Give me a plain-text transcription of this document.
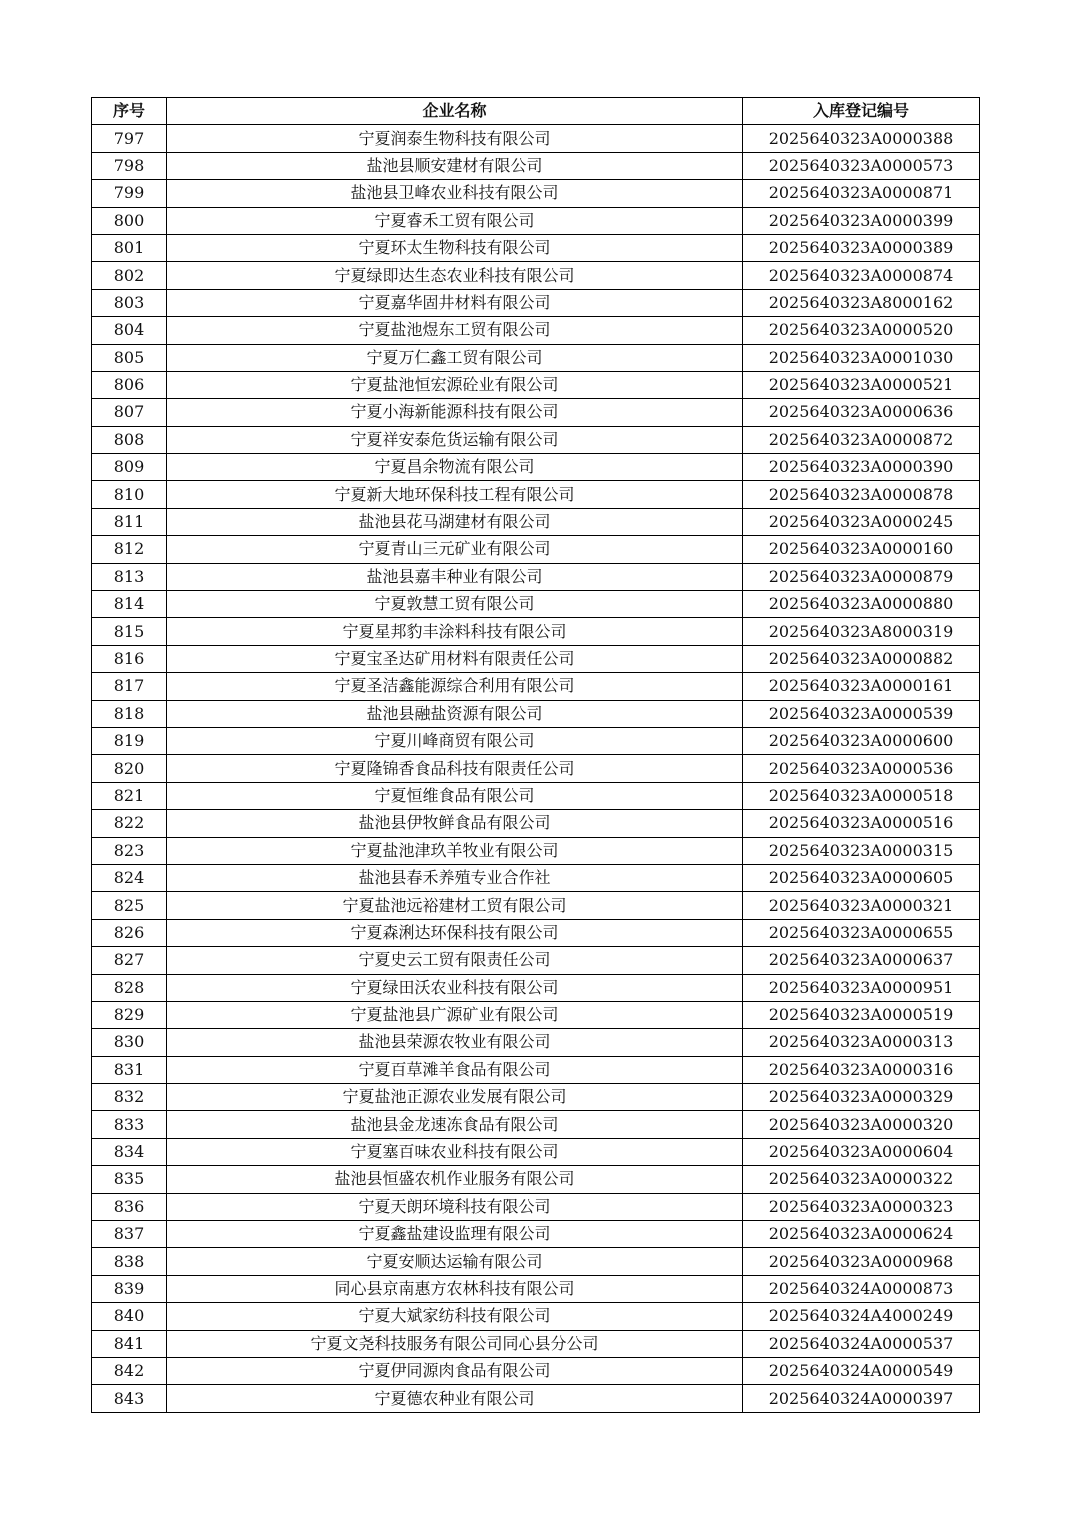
序号	企业名称	入库登记编号
797	宁夏润泰生物科技有限公司	2025640323A0000388
798	盐池县顺安建材有限公司	2025640323A0000573
799	盐池县卫峰农业科技有限公司	2025640323A0000871
800	宁夏睿禾工贸有限公司	2025640323A0000399
801	宁夏环太生物科技有限公司	2025640323A0000389
802	宁夏绿即达生态农业科技有限公司	2025640323A0000874
803	宁夏嘉华固井材料有限公司	2025640323A8000162
804	宁夏盐池煜东工贸有限公司	2025640323A0000520
805	宁夏万仁鑫工贸有限公司	2025640323A0001030
806	宁夏盐池恒宏源砼业有限公司	2025640323A0000521
807	宁夏小海新能源科技有限公司	2025640323A0000636
808	宁夏祥安泰危货运输有限公司	2025640323A0000872
809	宁夏昌余物流有限公司	2025640323A0000390
810	宁夏新大地环保科技工程有限公司	2025640323A0000878
811	盐池县花马湖建材有限公司	2025640323A0000245
812	宁夏青山三元矿业有限公司	2025640323A0000160
813	盐池县嘉丰种业有限公司	2025640323A0000879
814	宁夏敦慧工贸有限公司	2025640323A0000880
815	宁夏星邦豹丰涂料科技有限公司	2025640323A8000319
816	宁夏宝圣达矿用材料有限责任公司	2025640323A0000882
817	宁夏圣洁鑫能源综合利用有限公司	2025640323A0000161
818	盐池县融盐资源有限公司	2025640323A0000539
819	宁夏川峰商贸有限公司	2025640323A0000600
820	宁夏隆锦香食品科技有限责任公司	2025640323A0000536
821	宁夏恒维食品有限公司	2025640323A0000518
822	盐池县伊牧鲜食品有限公司	2025640323A0000516
823	宁夏盐池津玖羊牧业有限公司	2025640323A0000315
824	盐池县春禾养殖专业合作社	2025640323A0000605
825	宁夏盐池远裕建材工贸有限公司	2025640323A0000321
826	宁夏森浰达环保科技有限公司	2025640323A0000655
827	宁夏史云工贸有限责任公司	2025640323A0000637
828	宁夏绿田沃农业科技有限公司	2025640323A0000951
829	宁夏盐池县广源矿业有限公司	2025640323A0000519
830	盐池县荣源农牧业有限公司	2025640323A0000313
831	宁夏百草滩羊食品有限公司	2025640323A0000316
832	宁夏盐池正源农业发展有限公司	2025640323A0000329
833	盐池县金龙速冻食品有限公司	2025640323A0000320
834	宁夏塞百味农业科技有限公司	2025640323A0000604
835	盐池县恒盛农机作业服务有限公司	2025640323A0000322
836	宁夏天朗环境科技有限公司	2025640323A0000323
837	宁夏鑫盐建设监理有限公司	2025640323A0000624
838	宁夏安顺达运输有限公司	2025640323A0000968
839	同心县京南惠方农林科技有限公司	2025640324A0000873
840	宁夏大斌家纺科技有限公司	2025640324A4000249
841	宁夏文尧科技服务有限公司同心县分公司	2025640324A0000537
842	宁夏伊同源肉食品有限公司	2025640324A0000549
843	宁夏德农种业有限公司	2025640324A0000397
